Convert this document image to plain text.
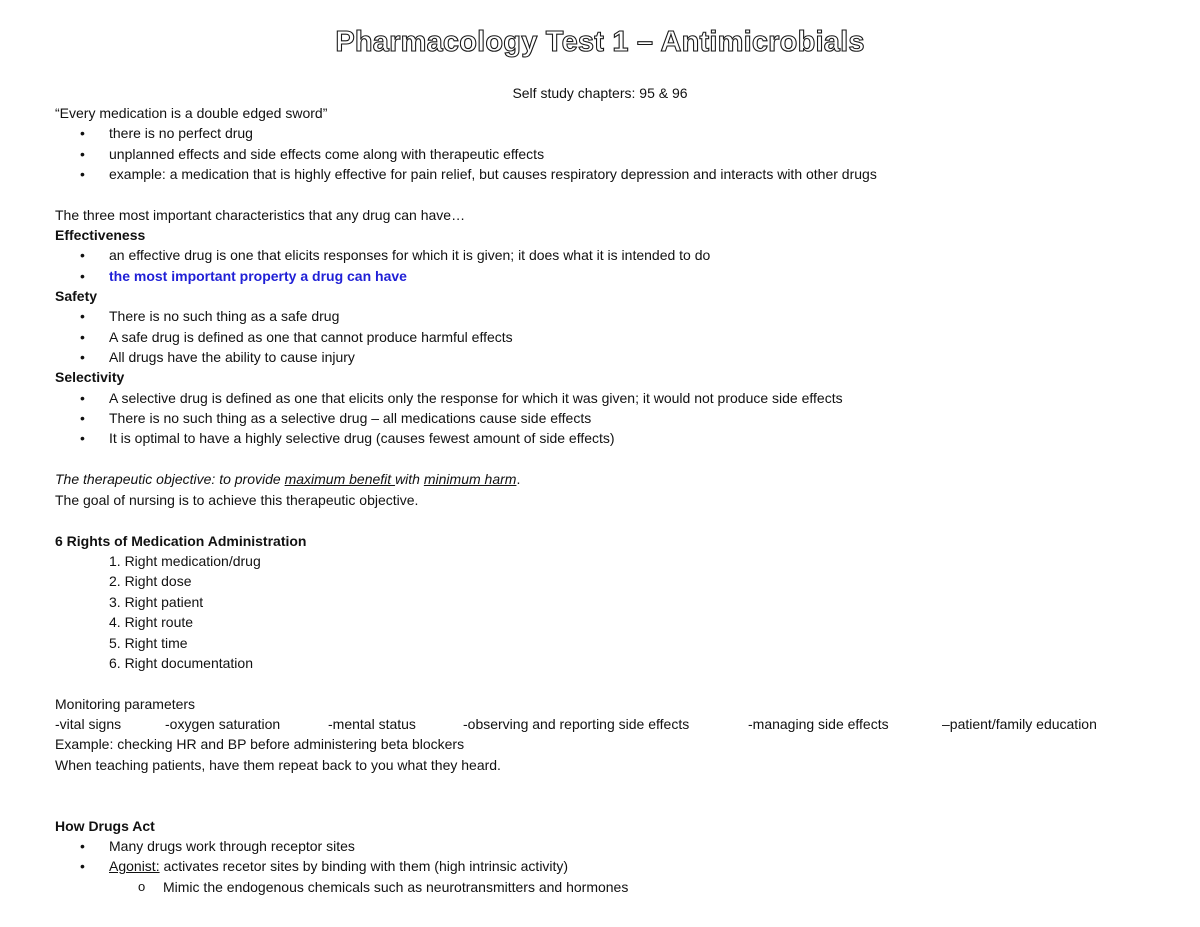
Pharmacology Test 1 – Antimicrobials
Self study chapters: 95 & 96
“Every medication is a double edged sword”
• there is no perfect drug
• unplanned effects and side effects come along with therapeutic effects
• example: a medication that is highly effective for pain relief, but causes respiratory depression and interacts with other drugs
The three most important characteristics that any drug can have…
Effectiveness
• an effective drug is one that elicits responses for which it is given; it does what it is intended to do
• the most important property a drug can have
Safety
• There is no such thing as a safe drug
• A safe drug is defined as one that cannot produce harmful effects
• All drugs have the ability to cause injury
Selectivity
• A selective drug is defined as one that elicits only the response for which it was given; it would not produce side effects
• There is no such thing as a selective drug – all medications cause side effects
• It is optimal to have a highly selective drug (causes fewest amount of side effects)
The therapeutic objective: to provide maximum benefit with minimum harm.
The goal of nursing is to achieve this therapeutic objective.
6 Rights of Medication Administration
1. Right medication/drug
2. Right dose
3. Right patient
4. Right route
5. Right time
6. Right documentation
Monitoring parameters
-vital signs	-oxygen saturation	-mental status	-observing and reporting side effects	-managing side effects	–patient/family education
Example: checking HR and BP before administering beta blockers
When teaching patients, have them repeat back to you what they heard.
How Drugs Act
• Many drugs work through receptor sites
• Agonist: activates recetor sites by binding with them (high intrinsic activity)
o Mimic the endogenous chemicals such as neurotransmitters and hormones
